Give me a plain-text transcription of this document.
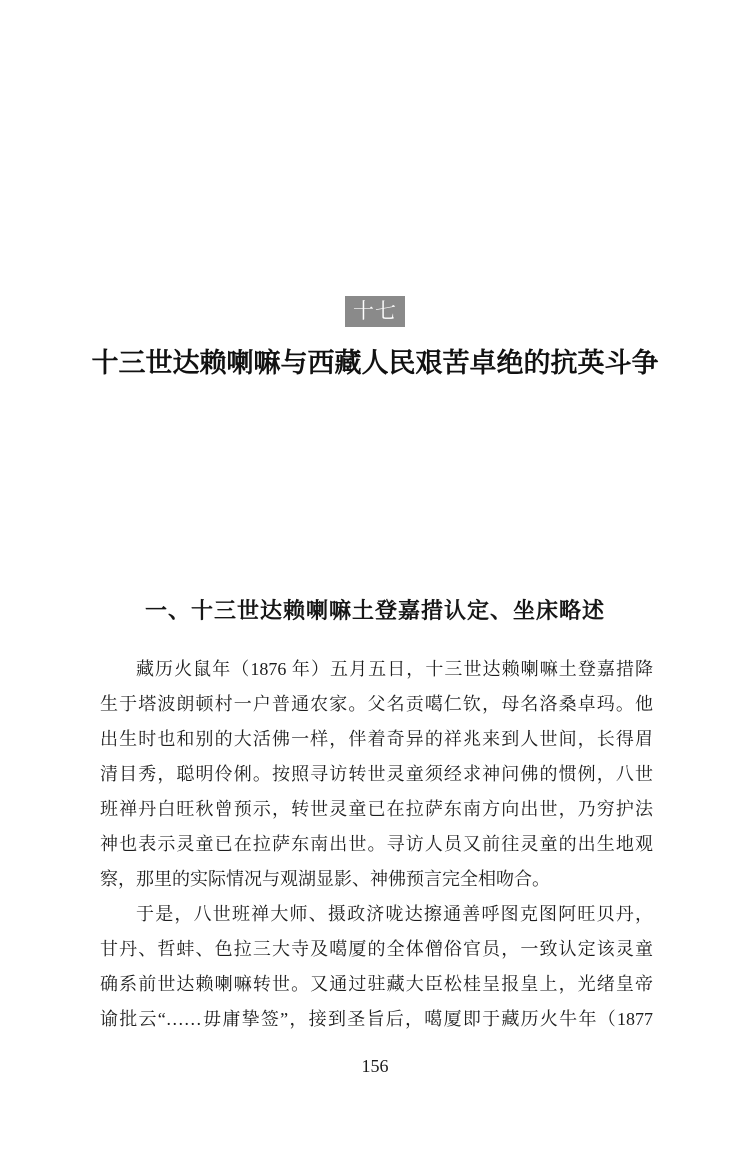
十七
十三世达赖喇嘛与西藏人民艰苦卓绝的抗英斗争
一、十三世达赖喇嘛土登嘉措认定、坐床略述
藏历火鼠年（1876 年）五月五日，十三世达赖喇嘛土登嘉措降
生于塔波朗顿村一户普通农家。父名贡噶仁钦，母名洛桑卓玛。他
出生时也和别的大活佛一样，伴着奇异的祥兆来到人世间，长得眉
清目秀，聪明伶俐。按照寻访转世灵童须经求神问佛的惯例，八世
班禅丹白旺秋曾预示，转世灵童已在拉萨东南方向出世，乃穷护法
神也表示灵童已在拉萨东南出世。寻访人员又前往灵童的出生地观
察，那里的实际情况与观湖显影、神佛预言完全相吻合。
于是，八世班禅大师、摄政济咙达擦通善呼图克图阿旺贝丹，
甘丹、哲蚌、色拉三大寺及噶厦的全体僧俗官员，一致认定该灵童
确系前世达赖喇嘛转世。又通过驻藏大臣松桂呈报皇上，光绪皇帝
谕批云“……毋庸挚签”，接到圣旨后，噶厦即于藏历火牛年（1877
156
